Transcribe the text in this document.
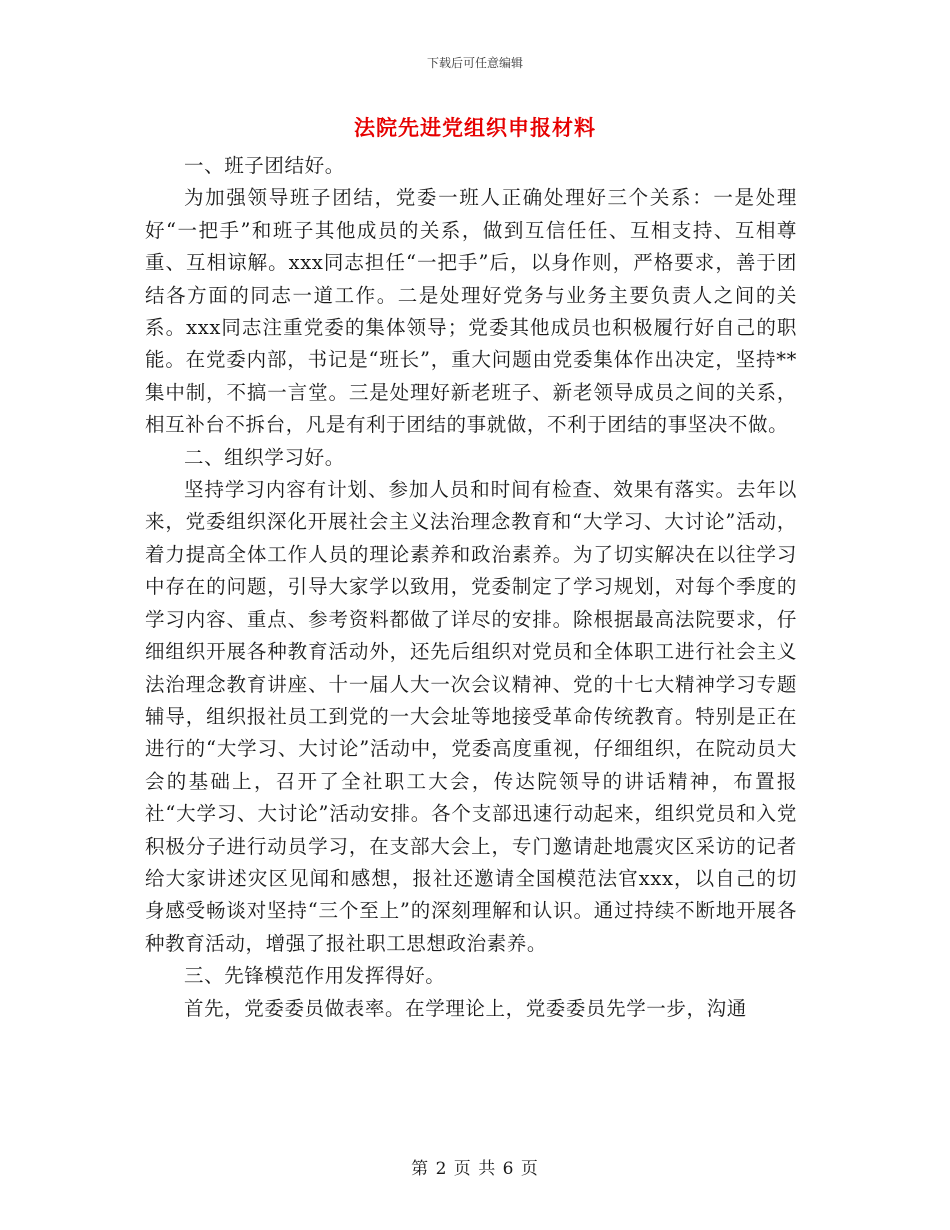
下载后可任意编辑
法院先进党组织申报材料

一、班子团结好。

为加强领导班子团结，党委一班人正确处理好三个关系：一是处理好“一把手”和班子其他成员的关系，做到互信任任、互相支持、互相尊重、互相谅解。xxx同志担任“一把手”后，以身作则，严格要求，善于团结各方面的同志一道工作。二是处理好党务与业务主要负责人之间的关系。xxx同志注重党委的集体领导；党委其他成员也积极履行好自己的职能。在党委内部，书记是“班长”，重大问题由党委集体作出决定，坚持**集中制，不搞一言堂。三是处理好新老班子、新老领导成员之间的关系，相互补台不拆台，凡是有利于团结的事就做，不利于团结的事坚决不做。

二、组织学习好。

坚持学习内容有计划、参加人员和时间有检查、效果有落实。去年以来，党委组织深化开展社会主义法治理念教育和“大学习、大讨论”活动，着力提高全体工作人员的理论素养和政治素养。为了切实解决在以往学习中存在的问题，引导大家学以致用，党委制定了学习规划，对每个季度的学习内容、重点、参考资料都做了详尽的安排。除根据最高法院要求，仔细组织开展各种教育活动外，还先后组织对党员和全体职工进行社会主义法治理念教育讲座、十一届人大一次会议精神、党的十七大精神学习专题辅导，组织报社员工到党的一大会址等地接受革命传统教育。特别是正在进行的“大学习、大讨论”活动中，党委高度重视，仔细组织，在院动员大会的基础上，召开了全社职工大会，传达院领导的讲话精神，布置报社“大学习、大讨论”活动安排。各个支部迅速行动起来，组织党员和入党积极分子进行动员学习，在支部大会上，专门邀请赴地震灾区采访的记者给大家讲述灾区见闻和感想，报社还邀请全国模范法官xxx，以自己的切身感受畅谈对坚持“三个至上”的深刻理解和认识。通过持续不断地开展各种教育活动，增强了报社职工思想政治素养。

三、先锋模范作用发挥得好。

首先，党委委员做表率。在学理论上，党委委员先学一步，沟通

第 2 页 共 6 页
